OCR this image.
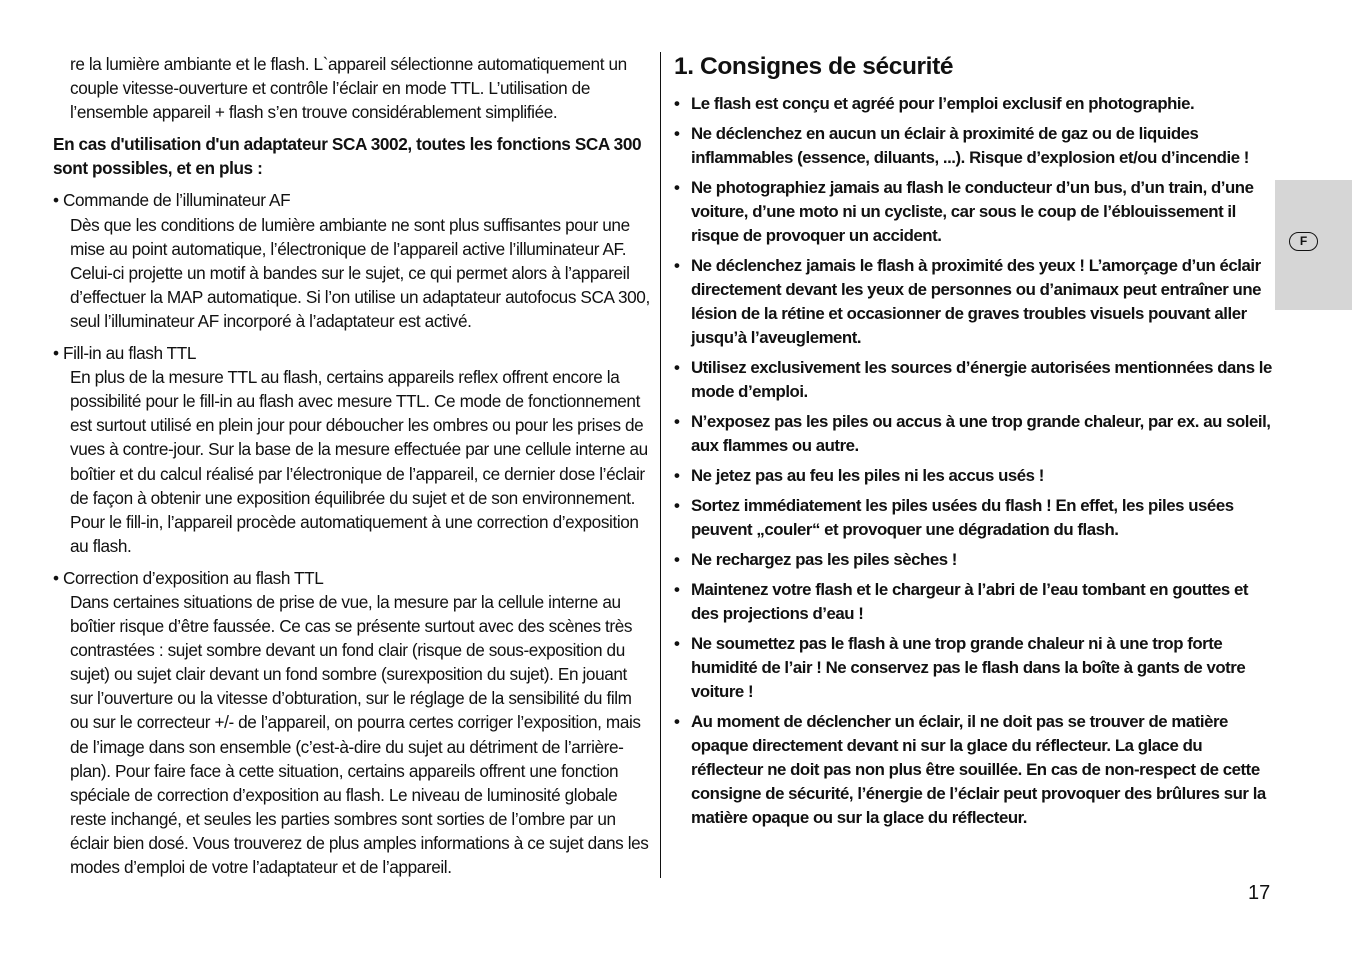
re la lumière ambiante et le flash. L`appareil sélectionne automatiquement un couple vitesse-ouverture et contrôle l’éclair en mode TTL. L’utilisation de l’ensemble appareil + flash s’en trouve considérablement simplifiée.

En cas d'utilisation d'un adaptateur SCA 3002, toutes les fonctions SCA 300 sont possibles, et en plus :

• Commande de l’illuminateur AF

Dès que les conditions de lumière ambiante ne sont plus suffisantes pour une mise au point automatique, l’électronique de l’appareil active l’illuminateur AF. Celui-ci projette un motif à bandes sur le sujet, ce qui permet alors à l’appareil d’effectuer la MAP automatique. Si l’on utilise un adaptateur autofocus SCA 300, seul l’illuminateur AF incorporé à l’adaptateur est activé.

• Fill-in au flash TTL

En plus de la mesure TTL au flash, certains appareils reflex offrent encore la possibilité pour le fill-in au flash avec mesure TTL. Ce mode de fonctionnement est surtout utilisé en plein jour pour déboucher les ombres ou pour les prises de vues à contre-jour. Sur la base de la mesure effectuée par une cellule interne au boîtier et du calcul réalisé par l’électronique de l’appareil, ce dernier dose l’éclair de façon à obtenir une exposition équilibrée du sujet et de son environnement. Pour le fill-in, l’appareil procède automatiquement à une correction d’exposition au flash.

• Correction d’exposition au flash TTL

Dans certaines situations de prise de vue, la mesure par la cellule interne au boîtier risque d’être faussée. Ce cas se présente surtout avec des scènes très contrastées : sujet sombre devant un fond clair (risque de sous-exposition du sujet) ou sujet clair devant un fond sombre (surexposition du sujet). En jouant sur l’ouverture ou la vitesse d’obturation, sur le réglage de la sensibilité du film ou sur le correcteur +/- de l’appareil, on pourra certes corriger l’exposition, mais de l’image dans son ensemble (c’est-à-dire du sujet au détriment de l’arrière-plan). Pour faire face à cette situation, certains appareils offrent une fonction spéciale de correction d’exposition au flash. Le niveau de luminosité globale reste inchangé, et seules les parties sombres sont sorties de l’ombre par un éclair bien dosé. Vous trouverez de plus amples informations à ce sujet dans les modes d’emploi de votre l’adaptateur et de l’appareil.

1. Consignes de sécurité
• Le flash est conçu et agréé pour l’emploi exclusif en photographie.
• Ne déclenchez en aucun un éclair à proximité de gaz ou de liquides inflammables (essence, diluants, ...). Risque d’explosion et/ou d’incendie !
• Ne photographiez jamais au flash le conducteur d’un bus, d’un train, d’une voiture, d’une moto ni un cycliste, car sous le coup de l’éblouissement il risque de provoquer un accident.
• Ne déclenchez jamais le flash à proximité des yeux ! L’amorçage d’un éclair directement devant les yeux de personnes ou d’animaux peut entraîner une lésion de la rétine et occasionner de graves troubles visuels pouvant aller jusqu’à l’aveuglement.
• Utilisez exclusivement les sources d’énergie autorisées mentionnées dans le mode d’emploi.
• N’exposez pas les piles ou accus à une trop grande chaleur, par ex. au soleil, aux flammes ou autre.
• Ne jetez pas au feu les piles ni les accus usés !
• Sortez immédiatement les piles usées du flash ! En effet, les piles usées peuvent „couler“ et provoquer une dégradation du flash.
• Ne rechargez pas les piles sèches !
• Maintenez votre flash et le chargeur à l’abri de l’eau tombant en gouttes et des projections d’eau !
• Ne soumettez pas le flash à une trop grande chaleur ni à une trop forte humidité de l’air ! Ne conservez pas le flash dans la boîte à gants de votre voiture !
• Au moment de déclencher un éclair, il ne doit pas se trouver de matière opaque directement devant ni sur la glace du réflecteur. La glace du réflecteur ne doit pas non plus être souillée. En cas de non-respect de cette consigne de sécurité, l’énergie de l’éclair peut provoquer des brûlures sur la matière opaque ou sur la glace du réflecteur.
F
17
